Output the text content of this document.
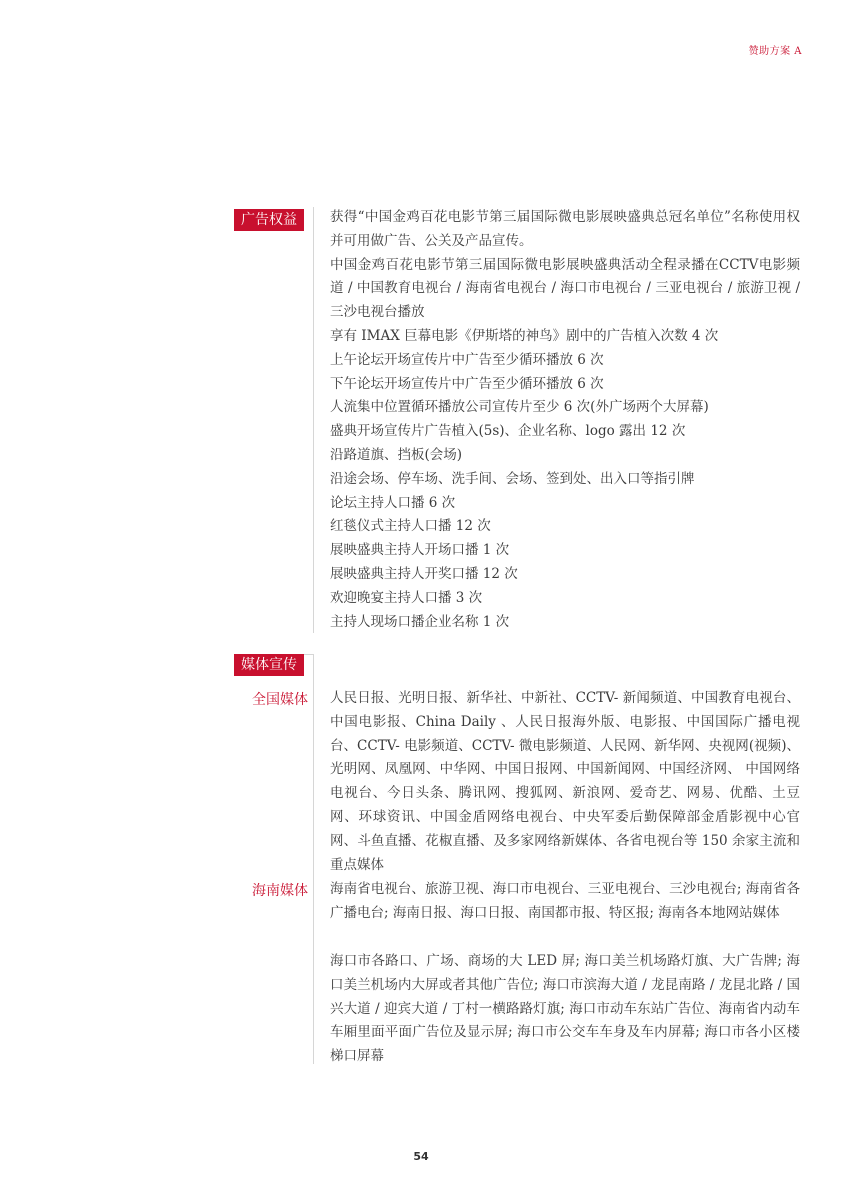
赞助方案 A
广告权益	获得“中国金鸡百花电影节第三届国际微电影展映盛典总冠名单位”名称使用权并可用做广告、公关及产品宣传。

中国金鸡百花电影节第三届国际微电影展映盛典活动全程录播在CCTV电影频道 / 中国教育电视台 / 海南省电视台 / 海口市电视台 / 三亚电视台 / 旅游卫视 / 三沙电视台播放

享有 IMAX 巨幕电影《伊斯塔的神鸟》剧中的广告植入次数 4 次

上午论坛开场宣传片中广告至少循环播放 6 次

下午论坛开场宣传片中广告至少循环播放 6 次

人流集中位置循环播放公司宣传片至少 6 次(外广场两个大屏幕)

盛典开场宣传片广告植入(5s)、企业名称、logo 露出 12 次

沿路道旗、挡板(会场)

沿途会场、停车场、洗手间、会场、签到处、出入口等指引牌

论坛主持人口播 6 次

红毯仪式主持人口播 12 次

展映盛典主持人开场口播 1 次

展映盛典主持人开奖口播 12 次

欢迎晚宴主持人口播 3 次

主持人现场口播企业名称 1 次

媒体宣传
全国媒体 人民日报、光明日报、新华社、中新社、CCTV- 新闻频道、中国教育电视台、中国电影报、China Daily 、人民日报海外版、电影报、中国国际广播电视台、CCTV- 电影频道、CCTV- 微电影频道、人民网、新华网、央视网(视频)、光明网、凤凰网、中华网、中国日报网、中国新闻网、中国经济网、 中国网络电视台、今日头条、腾讯网、搜狐网、新浪网、爱奇艺、网易、优酷、土豆网、环球资讯、中国金盾网络电视台、中央军委后勤保障部金盾影视中心官网、斗鱼直播、花椒直播、及多家网络新媒体、各省电视台等 150 余家主流和重点媒体

海南媒体 海南省电视台、旅游卫视、海口市电视台、三亚电视台、三沙电视台; 海南省各广播电台; 海南日报、海口日报、南国都市报、特区报; 海南各本地网站媒体

海口市各路口、广场、商场的大 LED 屏; 海口美兰机场路灯旗、大广告牌; 海口美兰机场内大屏或者其他广告位; 海口市滨海大道 / 龙昆南路 / 龙昆北路 / 国兴大道 / 迎宾大道 / 丁村一横路路灯旗; 海口市动车东站广告位、海南省内动车车厢里面平面广告位及显示屏; 海口市公交车车身及车内屏幕; 海口市各小区楼梯口屏幕

54
